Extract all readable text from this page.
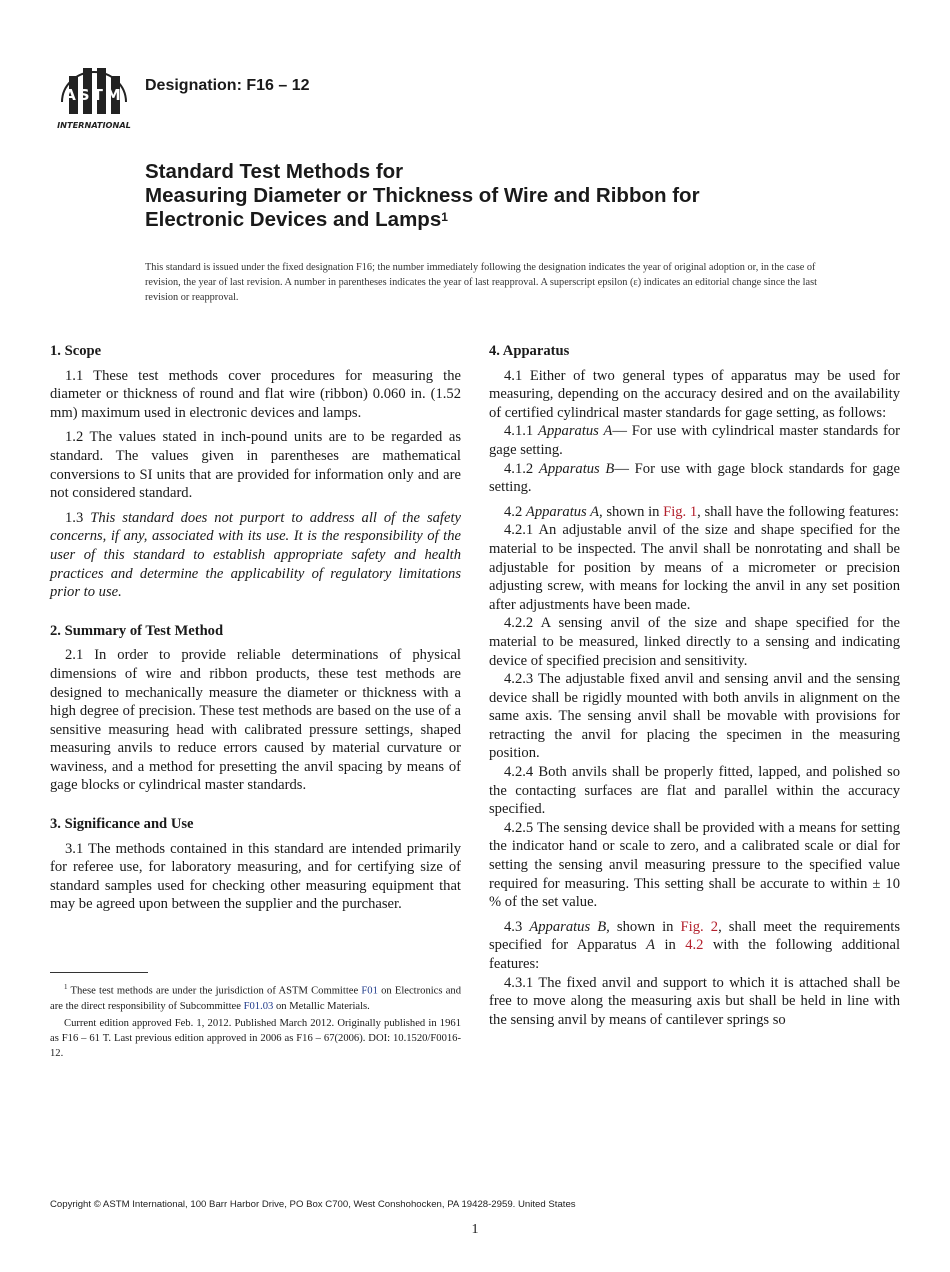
ASTM
INTERNATIONAL
Designation: F16 – 12
Standard Test Methods for
Measuring Diameter or Thickness of Wire and Ribbon for
Electronic Devices and Lamps$^1$
This standard is issued under the fixed designation F16; the number immediately following the designation indicates the year of original adoption or, in the case of revision, the year of last revision. A number in parentheses indicates the year of last reapproval. A superscript epsilon (ε) indicates an editorial change since the last revision or reapproval.
1. Scope

1.1 These test methods cover procedures for measuring the diameter or thickness of round and flat wire (ribbon) 0.060 in. (1.52 mm) maximum used in electronic devices and lamps.

1.2 The values stated in inch-pound units are to be regarded as standard. The values given in parentheses are mathematical conversions to SI units that are provided for information only and are not considered standard.

1.3 This standard does not purport to address all of the safety concerns, if any, associated with its use. It is the responsibility of the user of this standard to establish appropriate safety and health practices and determine the applicability of regulatory limitations prior to use.

2. Summary of Test Method

2.1 In order to provide reliable determinations of physical dimensions of wire and ribbon products, these test methods are designed to mechanically measure the diameter or thickness with a high degree of precision. These test methods are based on the use of a sensitive measuring head with calibrated pressure settings, shaped measuring anvils to reduce errors caused by material curvature or waviness, and a method for presetting the anvil spacing by means of gage blocks or cylindrical master standards.

3. Significance and Use

3.1 The methods contained in this standard are intended primarily for referee use, for laboratory measuring, and for certifying size of standard samples used for checking other measuring equipment that may be agreed upon between the supplier and the purchaser.

$^1$ These test methods are under the jurisdiction of ASTM Committee F01 on Electronics and are the direct responsibility of Subcommittee F01.03 on Metallic Materials.

Current edition approved Feb. 1, 2012. Published March 2012. Originally published in 1961 as F16 – 61 T. Last previous edition approved in 2006 as F16 – 67(2006). DOI: 10.1520/F0016-12.

4. Apparatus

4.1 Either of two general types of apparatus may be used for measuring, depending on the accuracy desired and on the availability of certified cylindrical master standards for gage setting, as follows:

4.1.1 Apparatus A— For use with cylindrical master standards for gage setting.

4.1.2 Apparatus B— For use with gage block standards for gage setting.

4.2 Apparatus A, shown in Fig. 1, shall have the following features:

4.2.1 An adjustable anvil of the size and shape specified for the material to be inspected. The anvil shall be nonrotating and shall be adjustable for position by means of a micrometer or precision adjusting screw, with means for locking the anvil in any set position after adjustments have been made.

4.2.2 A sensing anvil of the size and shape specified for the material to be measured, linked directly to a sensing and indicating device of specified precision and sensitivity.

4.2.3 The adjustable fixed anvil and sensing anvil and the sensing device shall be rigidly mounted with both anvils in alignment on the same axis. The sensing anvil shall be movable with provisions for retracting the anvil for placing the specimen in the measuring position.

4.2.4 Both anvils shall be properly fitted, lapped, and polished so the contacting surfaces are flat and parallel within the accuracy specified.

4.2.5 The sensing device shall be provided with a means for setting the indicator hand or scale to zero, and a calibrated scale or dial for setting the sensing anvil measuring pressure to the specified value required for measuring. This setting shall be accurate to within ± 10 % of the set value.

4.3 Apparatus B, shown in Fig. 2, shall meet the requirements specified for Apparatus A in 4.2 with the following additional features:

4.3.1 The fixed anvil and support to which it is attached shall be free to move along the measuring axis but shall be held in line with the sensing anvil by means of cantilever springs so

Copyright © ASTM International, 100 Barr Harbor Drive, PO Box C700, West Conshohocken, PA 19428-2959. United States
1
